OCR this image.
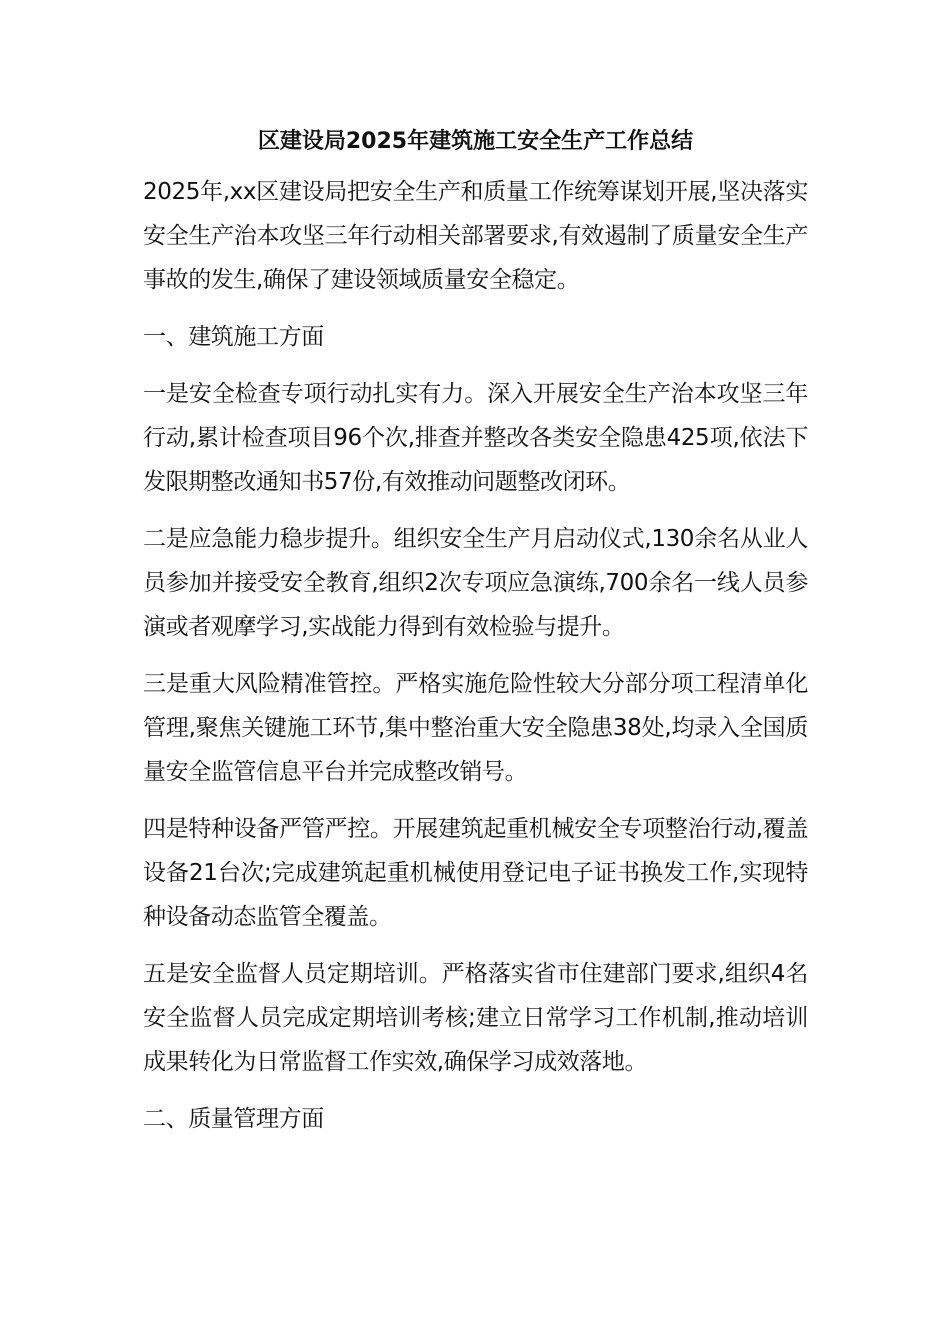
区建设局2025年建筑施工安全生产工作总结

2025年,xx区建设局把安全生产和质量工作统筹谋划开展,坚决落实安全生产治本攻坚三年行动相关部署要求,有效遏制了质量安全生产事故的发生,确保了建设领域质量安全稳定。

一、建筑施工方面

一是安全检查专项行动扎实有力。深入开展安全生产治本攻坚三年行动,累计检查项目96个次,排查并整改各类安全隐患425项,依法下发限期整改通知书57份,有效推动问题整改闭环。

二是应急能力稳步提升。组织安全生产月启动仪式,130余名从业人员参加并接受安全教育,组织2次专项应急演练,700余名一线人员参演或者观摩学习,实战能力得到有效检验与提升。

三是重大风险精准管控。严格实施危险性较大分部分项工程清单化管理,聚焦关键施工环节,集中整治重大安全隐患38处,均录入全国质量安全监管信息平台并完成整改销号。

四是特种设备严管严控。开展建筑起重机械安全专项整治行动,覆盖设备21台次;完成建筑起重机械使用登记电子证书换发工作,实现特种设备动态监管全覆盖。

五是安全监督人员定期培训。严格落实省市住建部门要求,组织4名安全监督人员完成定期培训考核;建立日常学习工作机制,推动培训成果转化为日常监督工作实效,确保学习成效落地。

二、质量管理方面
